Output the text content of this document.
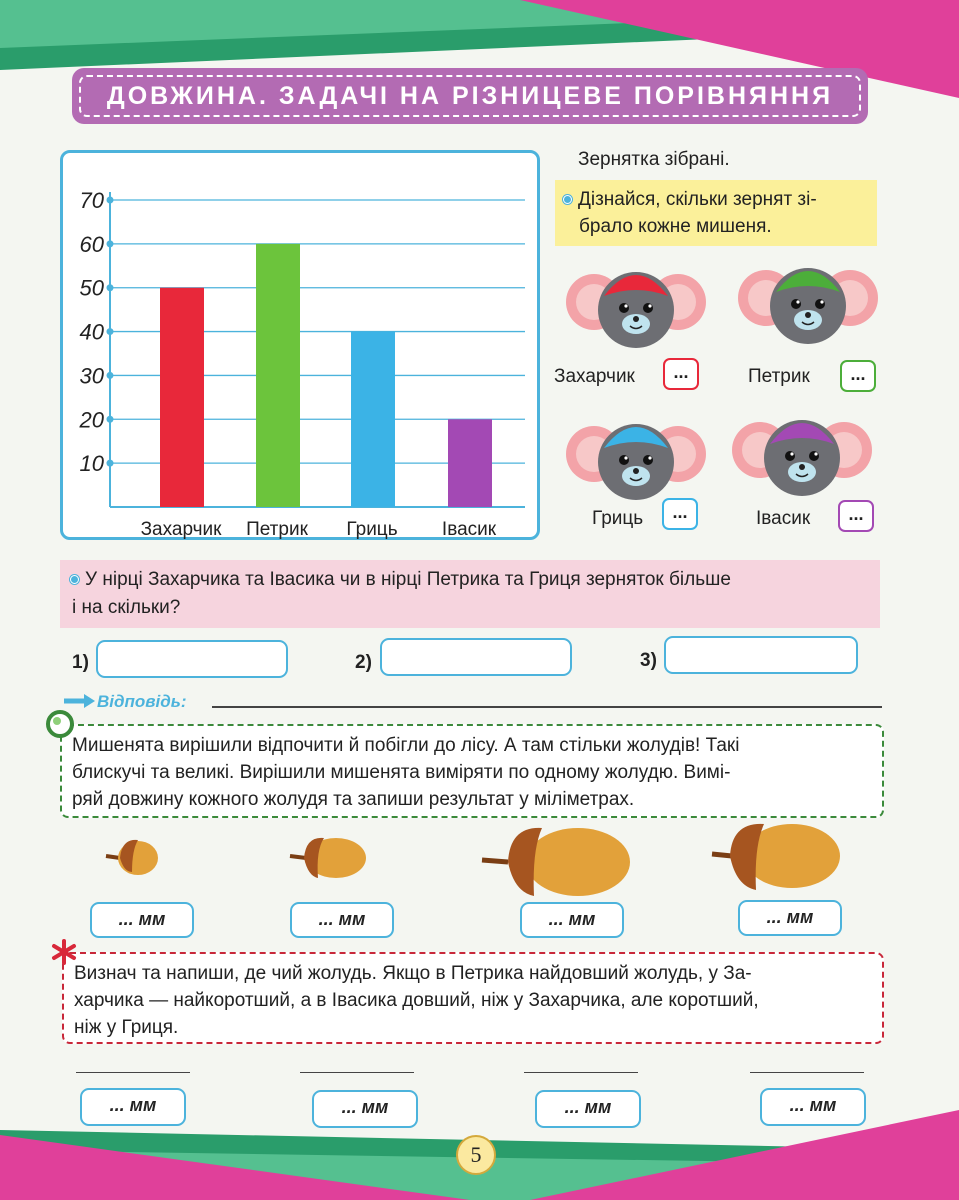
ДОВЖИНА. ЗАДАЧІ НА РІЗНИЦЕВЕ ПОРІВНЯННЯ
10
20
30
40
50
60
70
Захарчик Петрик Гриць Івасик
Зернятка зібрані.
Дізнайся, скільки зернят зі-
брало кожне мишеня.
Захарчик	...	Петрик	...
Гриць	...	Івасик	...
У нірці Захарчика та Івасика чи в нірці Петрика та Гриця зерняток більше
і на скільки?
1)	2)	3)
Відповідь:
Мишенята вирішили відпочити й побігли до лісу. А там стільки жолудів! Такі
блискучі та великі. Вирішили мишенята виміряти по одному жолудю. Вимі-
ряй довжину кожного жолудя та запиши результат у міліметрах.
... мм	... мм	... мм	... мм
Визнач та напиши, де чий жолудь. Якщо в Петрика найдовший жолудь, у За-
харчика — найкоротший, а в Івасика довший, ніж у Захарчика, але коротший,
ніж у Гриця.
... мм	... мм	... мм	... мм
5
